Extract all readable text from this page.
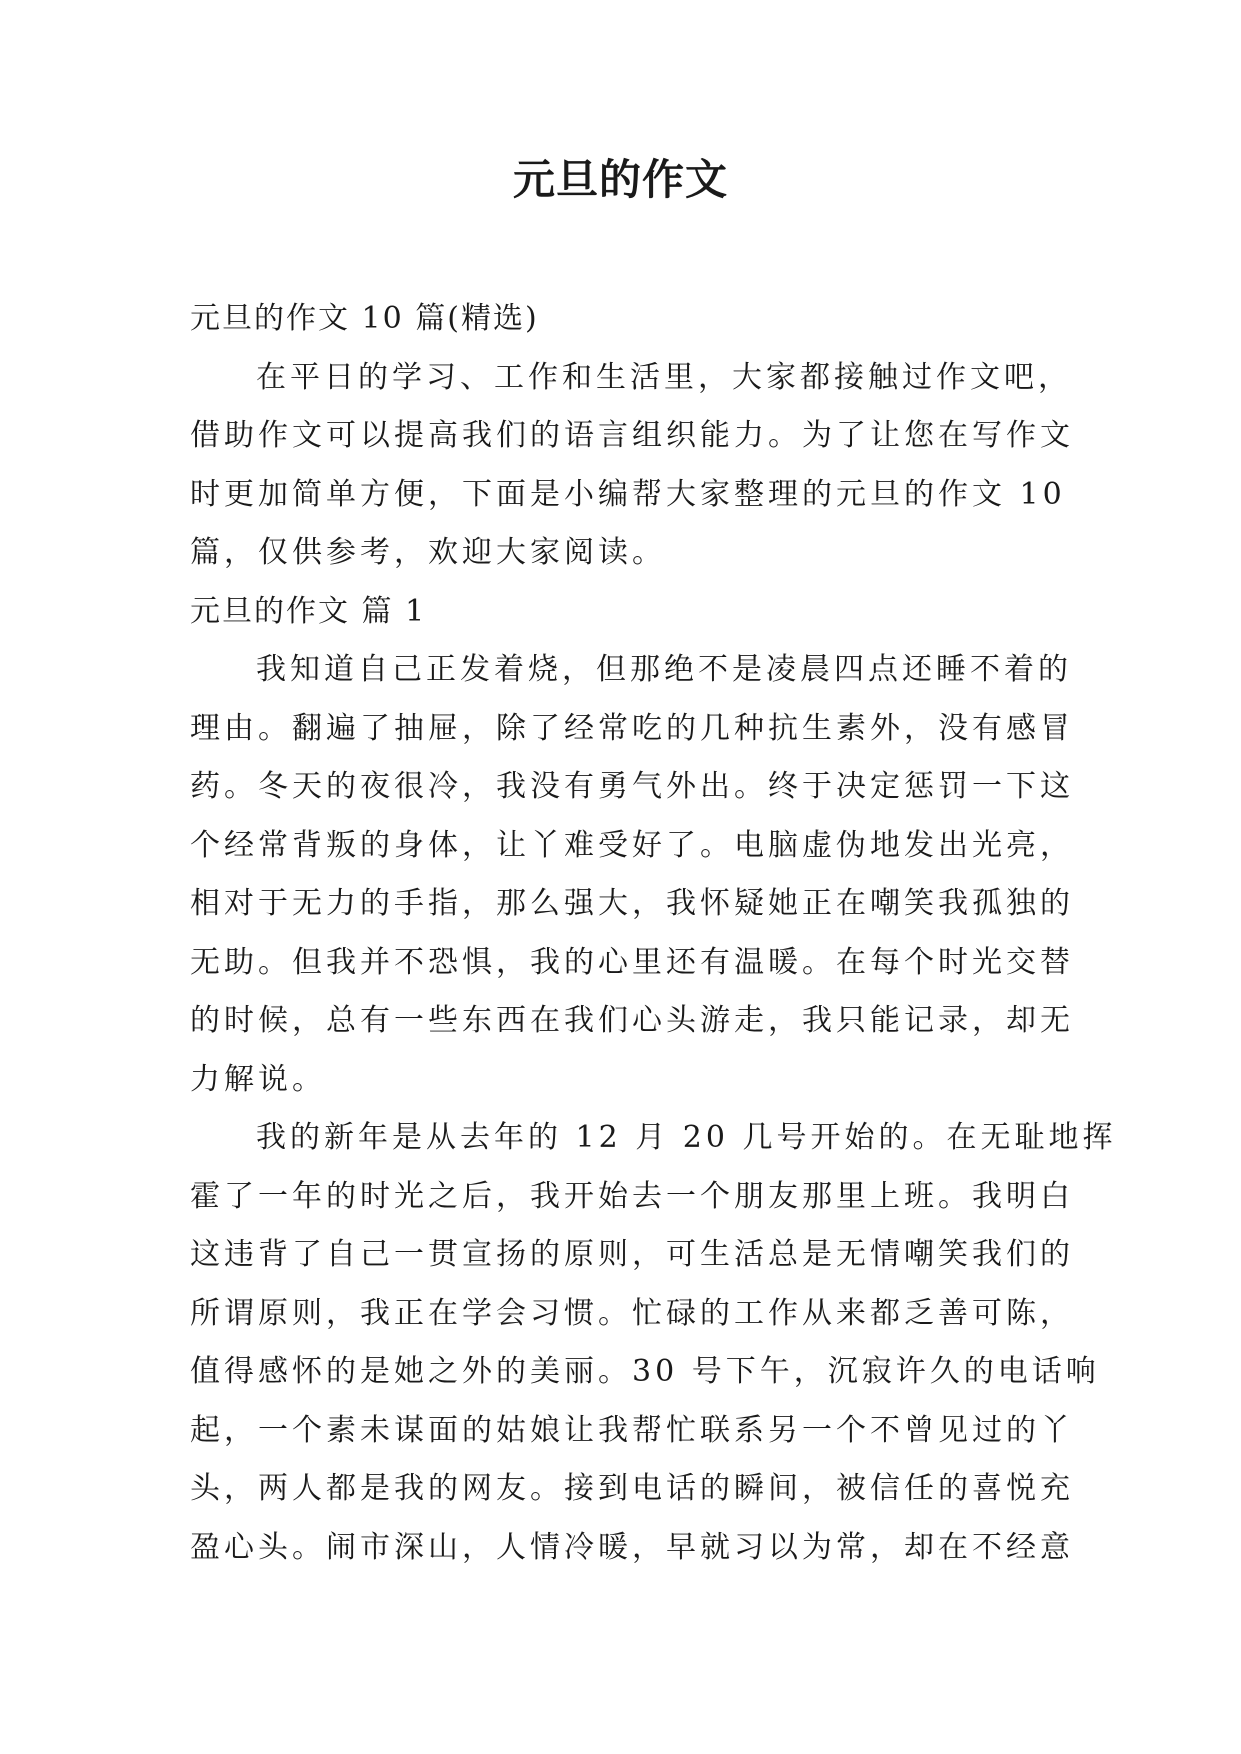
元旦的作文
元旦的作文 10 篇(精选)
在平日的学习、工作和生活里，大家都接触过作文吧，
借助作文可以提高我们的语言组织能力。为了让您在写作文
时更加简单方便，下面是小编帮大家整理的元旦的作文 10
篇，仅供参考，欢迎大家阅读。
元旦的作文 篇 1
我知道自己正发着烧，但那绝不是凌晨四点还睡不着的
理由。翻遍了抽屉，除了经常吃的几种抗生素外，没有感冒
药。冬天的夜很冷，我没有勇气外出。终于决定惩罚一下这
个经常背叛的身体，让丫难受好了。电脑虚伪地发出光亮，
相对于无力的手指，那么强大，我怀疑她正在嘲笑我孤独的
无助。但我并不恐惧，我的心里还有温暖。在每个时光交替
的时候，总有一些东西在我们心头游走，我只能记录，却无
力解说。
我的新年是从去年的 12 月 20 几号开始的。在无耻地挥
霍了一年的时光之后，我开始去一个朋友那里上班。我明白
这违背了自己一贯宣扬的原则，可生活总是无情嘲笑我们的
所谓原则，我正在学会习惯。忙碌的工作从来都乏善可陈，
值得感怀的是她之外的美丽。30 号下午，沉寂许久的电话响
起，一个素未谋面的姑娘让我帮忙联系另一个不曾见过的丫
头，两人都是我的网友。接到电话的瞬间，被信任的喜悦充
盈心头。闹市深山，人情冷暖，早就习以为常，却在不经意
